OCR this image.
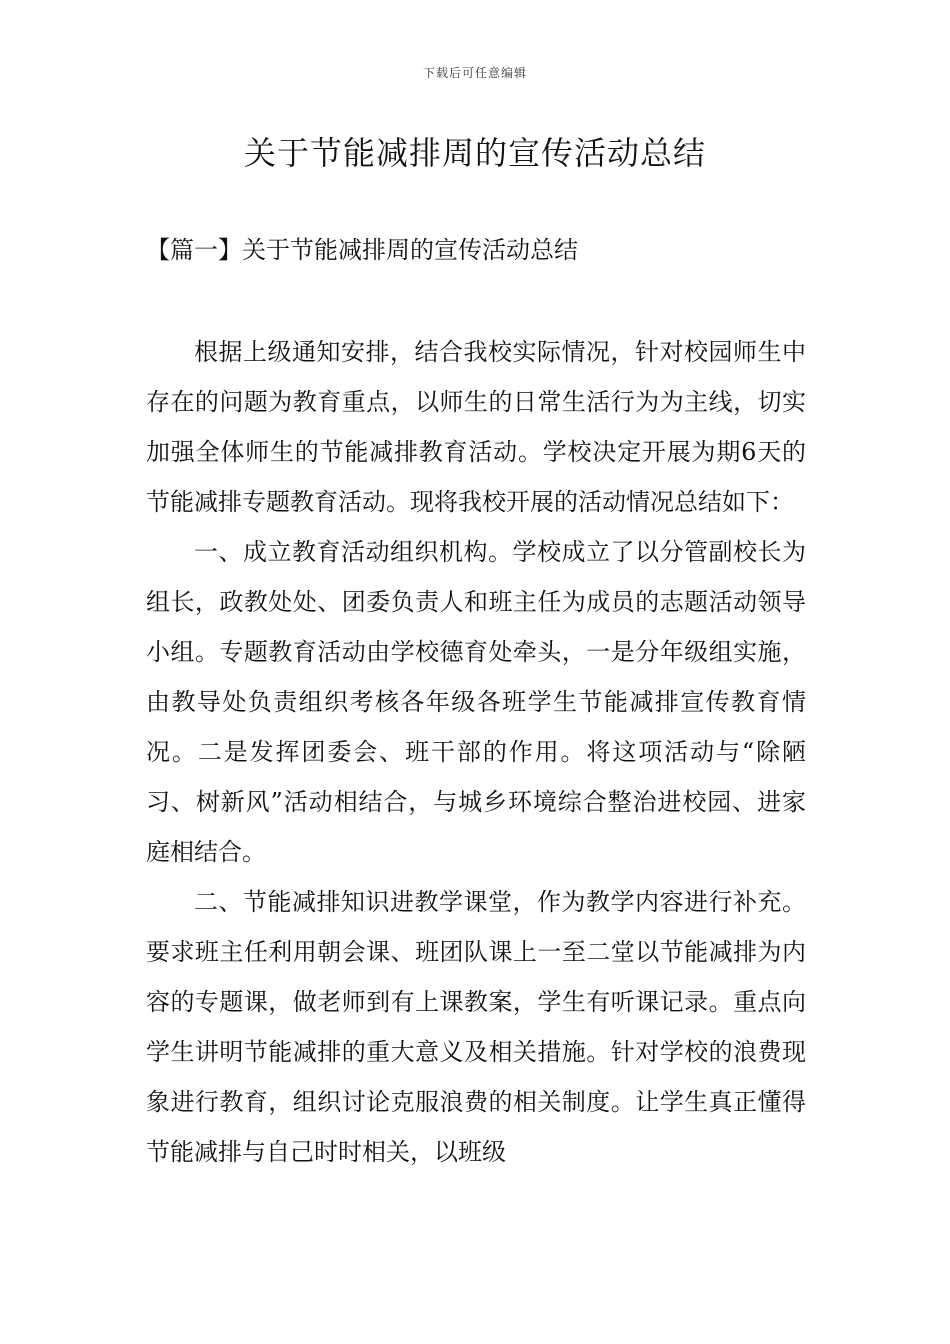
下载后可任意编辑
关于节能减排周的宣传活动总结
【篇一】关于节能减排周的宣传活动总结

根据上级通知安排，结合我校实际情况，针对校园师生中存在的问题为教育重点，以师生的日常生活行为为主线，切实加强全体师生的节能减排教育活动。学校决定开展为期6天的节能减排专题教育活动。现将我校开展的活动情况总结如下：

一、成立教育活动组织机构。学校成立了以分管副校长为组长，政教处处、团委负责人和班主任为成员的志题活动领导小组。专题教育活动由学校德育处牵头，一是分年级组实施，由教导处负责组织考核各年级各班学生节能减排宣传教育情况。二是发挥团委会、班干部的作用。将这项活动与“除陋习、树新风”活动相结合，与城乡环境综合整治进校园、进家庭相结合。

二、节能减排知识进教学课堂，作为教学内容进行补充。要求班主任利用朝会课、班团队课上一至二堂以节能减排为内容的专题课，做老师到有上课教案，学生有听课记录。重点向学生讲明节能减排的重大意义及相关措施。针对学校的浪费现象进行教育，组织讨论克服浪费的相关制度。让学生真正懂得节能减排与自己时时相关，以班级
